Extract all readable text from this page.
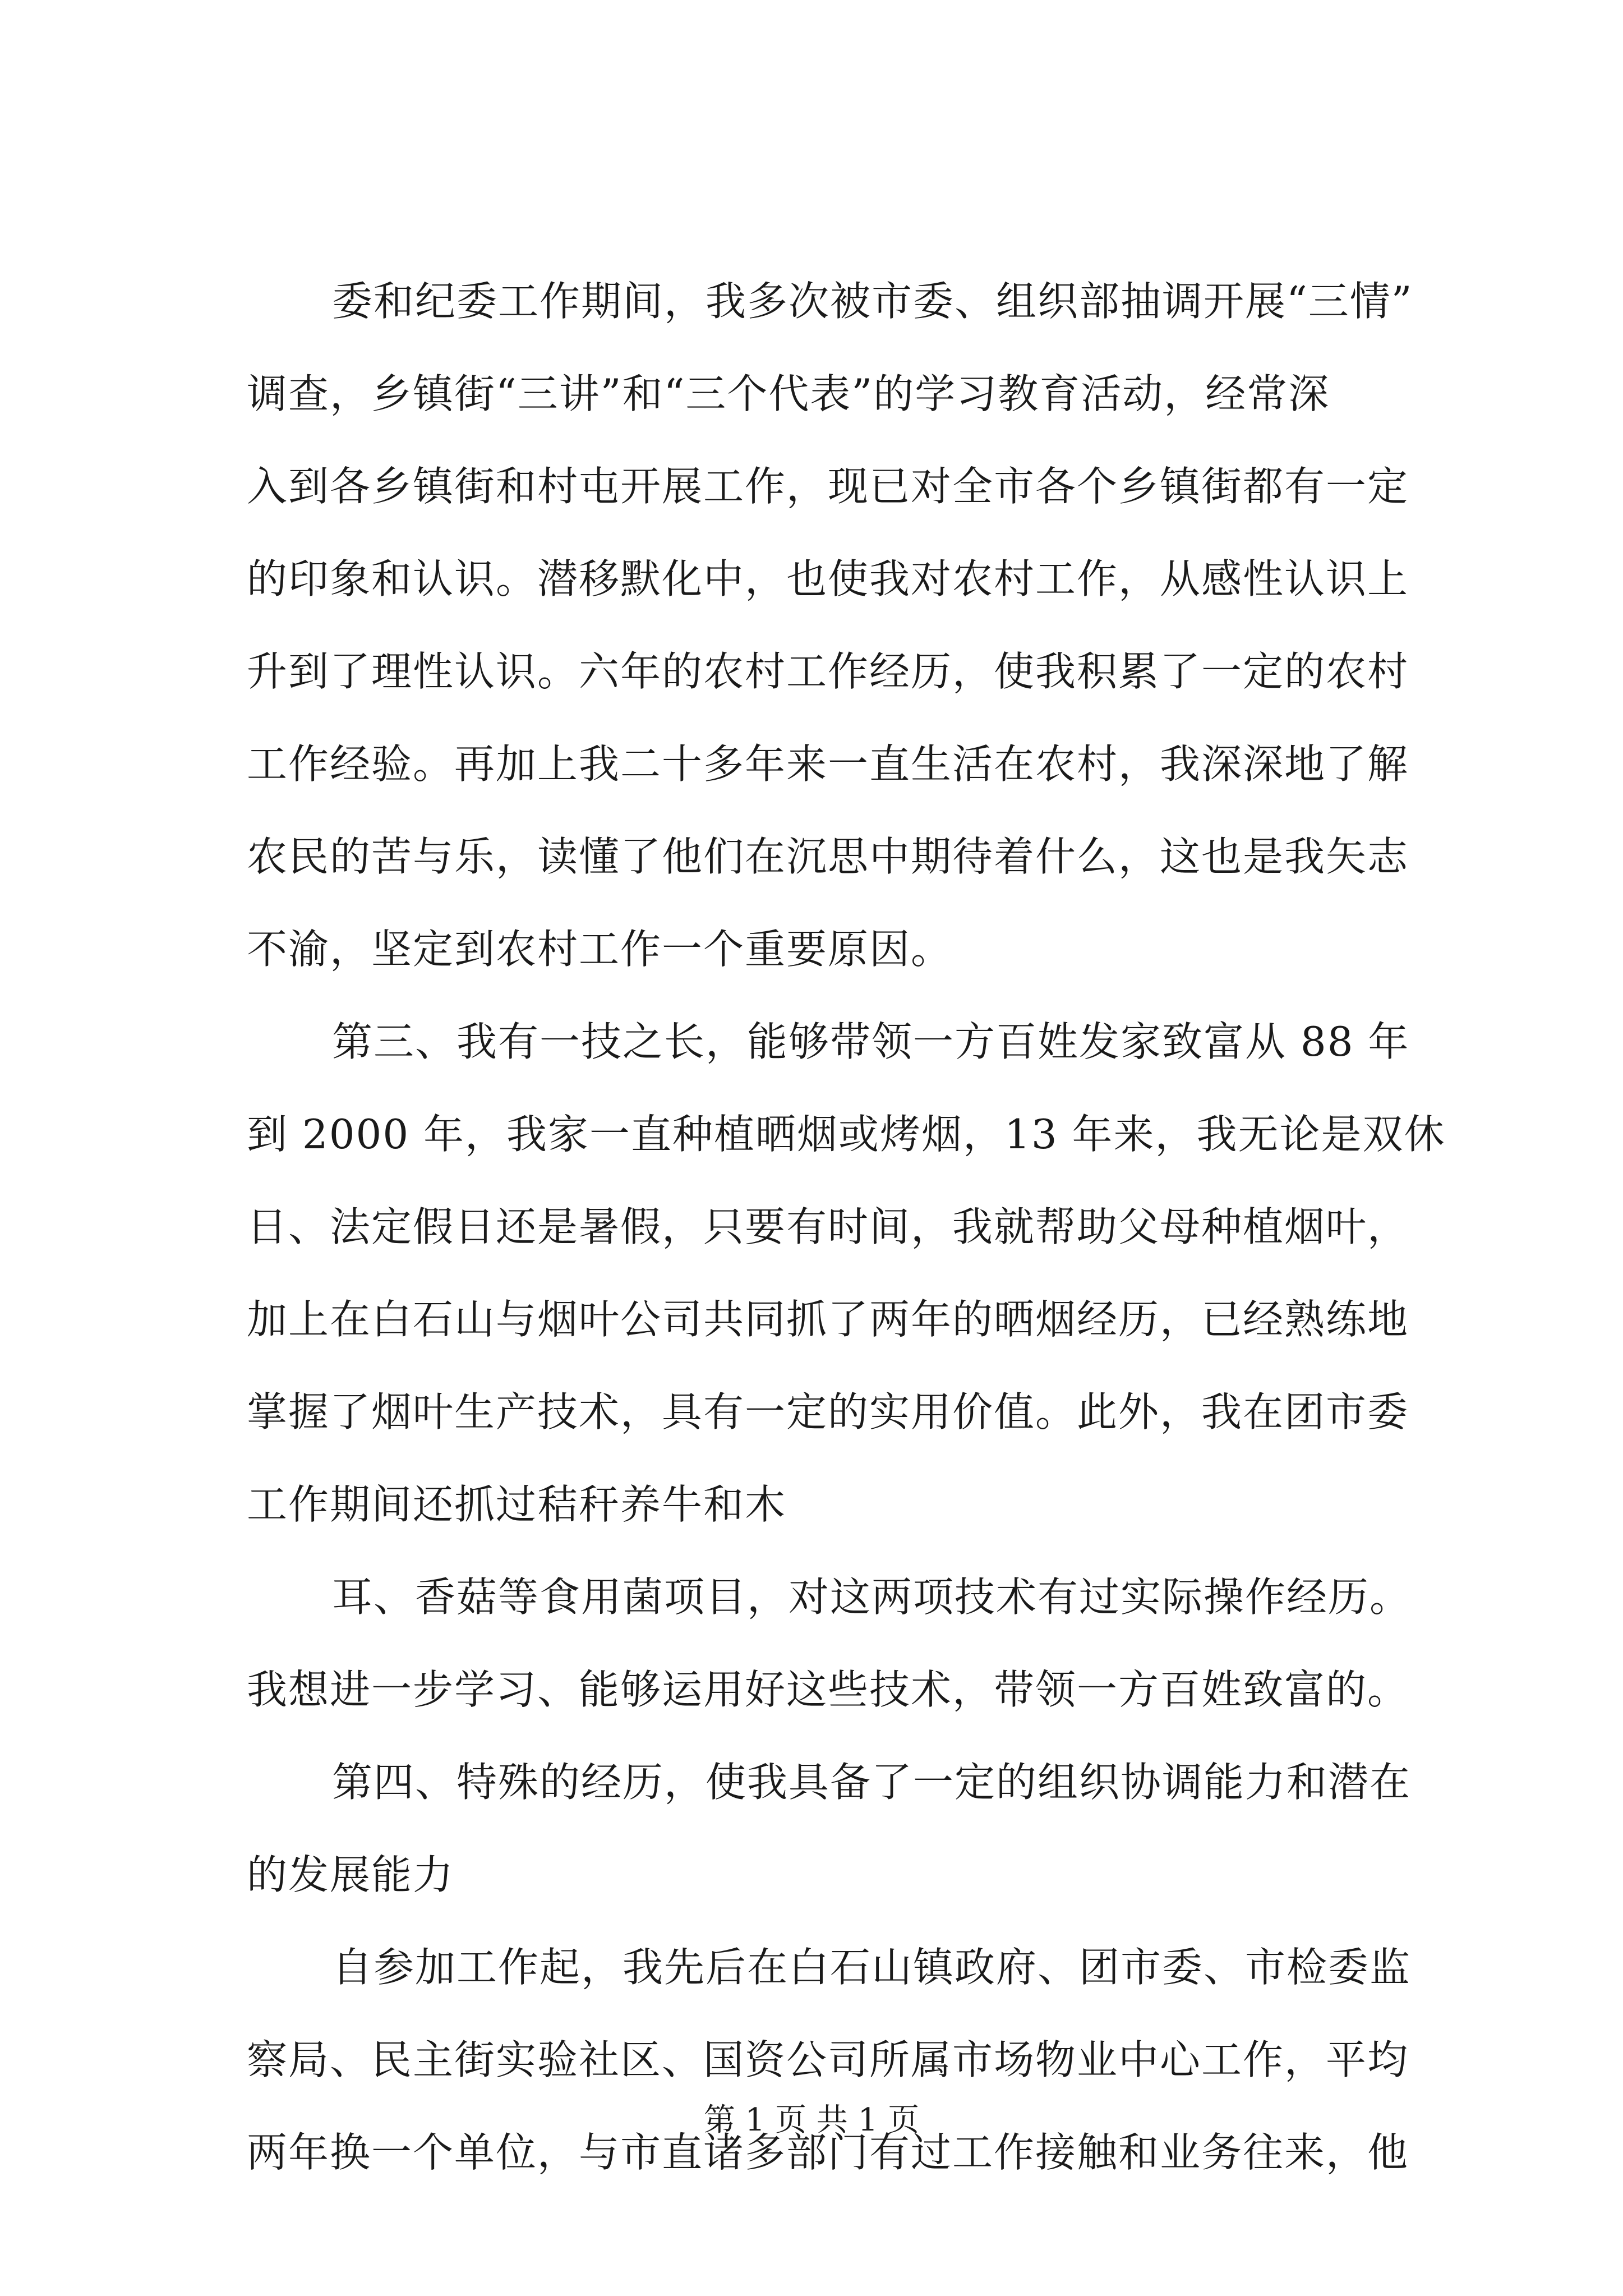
委和纪委工作期间，我多次被市委、组织部抽调开展“三情”
调查，乡镇街“三讲”和“三个代表”的学习教育活动，经常深
入到各乡镇街和村屯开展工作，现已对全市各个乡镇街都有一定
的印象和认识。潜移默化中，也使我对农村工作，从感性认识上
升到了理性认识。六年的农村工作经历，使我积累了一定的农村
工作经验。再加上我二十多年来一直生活在农村，我深深地了解
农民的苦与乐，读懂了他们在沉思中期待着什么，这也是我矢志
不渝，坚定到农村工作一个重要原因。
第三、我有一技之长，能够带领一方百姓发家致富从 88 年
到 2000 年，我家一直种植晒烟或烤烟，13 年来，我无论是双休
日、法定假日还是暑假，只要有时间，我就帮助父母种植烟叶，
加上在白石山与烟叶公司共同抓了两年的晒烟经历，已经熟练地
掌握了烟叶生产技术，具有一定的实用价值。此外，我在团市委
工作期间还抓过秸秆养牛和木
耳、香菇等食用菌项目，对这两项技术有过实际操作经历。
我想进一步学习、能够运用好这些技术，带领一方百姓致富的。
第四、特殊的经历，使我具备了一定的组织协调能力和潜在
的发展能力
自参加工作起，我先后在白石山镇政府、团市委、市检委监
察局、民主街实验社区、国资公司所属市场物业中心工作，平均
两年换一个单位，与市直诸多部门有过工作接触和业务往来，他
第 1 页 共 1 页
